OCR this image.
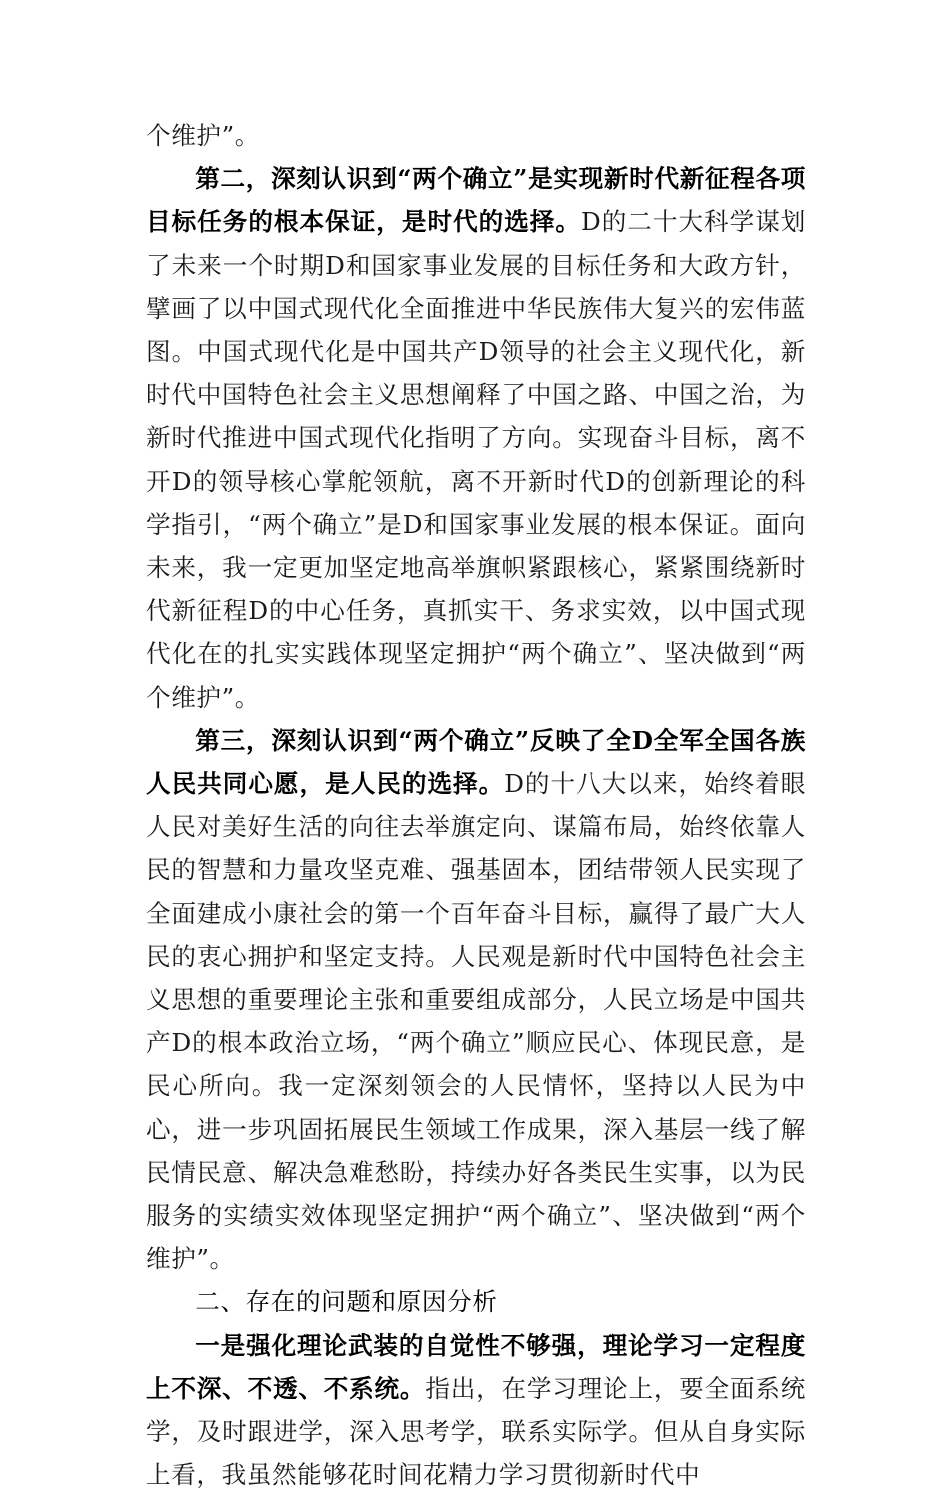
个维护”。

第二，深刻认识到“两个确立”是实现新时代新征程各项目标任务的根本保证，是时代的选择。D的二十大科学谋划了未来一个时期D和国家事业发展的目标任务和大政方针，擘画了以中国式现代化全面推进中华民族伟大复兴的宏伟蓝图。中国式现代化是中国共产D领导的社会主义现代化，新时代中国特色社会主义思想阐释了中国之路、中国之治，为新时代推进中国式现代化指明了方向。实现奋斗目标，离不开D的领导核心掌舵领航，离不开新时代D的创新理论的科学指引，“两个确立”是D和国家事业发展的根本保证。面向未来，我一定更加坚定地高举旗帜紧跟核心，紧紧围绕新时代新征程D的中心任务，真抓实干、务求实效，以中国式现代化在的扎实实践体现坚定拥护“两个确立”、坚决做到“两个维护”。

第三，深刻认识到“两个确立”反映了全D全军全国各族人民共同心愿，是人民的选择。D的十八大以来，始终着眼人民对美好生活的向往去举旗定向、谋篇布局，始终依靠人民的智慧和力量攻坚克难、强基固本，团结带领人民实现了全面建成小康社会的第一个百年奋斗目标，赢得了最广大人民的衷心拥护和坚定支持。人民观是新时代中国特色社会主义思想的重要理论主张和重要组成部分，人民立场是中国共产D的根本政治立场，“两个确立”顺应民心、体现民意，是民心所向。我一定深刻领会的人民情怀，坚持以人民为中心，进一步巩固拓展民生领域工作成果，深入基层一线了解民情民意、解决急难愁盼，持续办好各类民生实事，以为民服务的实绩实效体现坚定拥护“两个确立”、坚决做到“两个维护”。

二、存在的问题和原因分析

一是强化理论武装的自觉性不够强，理论学习一定程度上不深、不透、不系统。指出，在学习理论上，要全面系统学，及时跟进学，深入思考学，联系实际学。但从自身实际上看，我虽然能够花时间花精力学习贯彻新时代中
